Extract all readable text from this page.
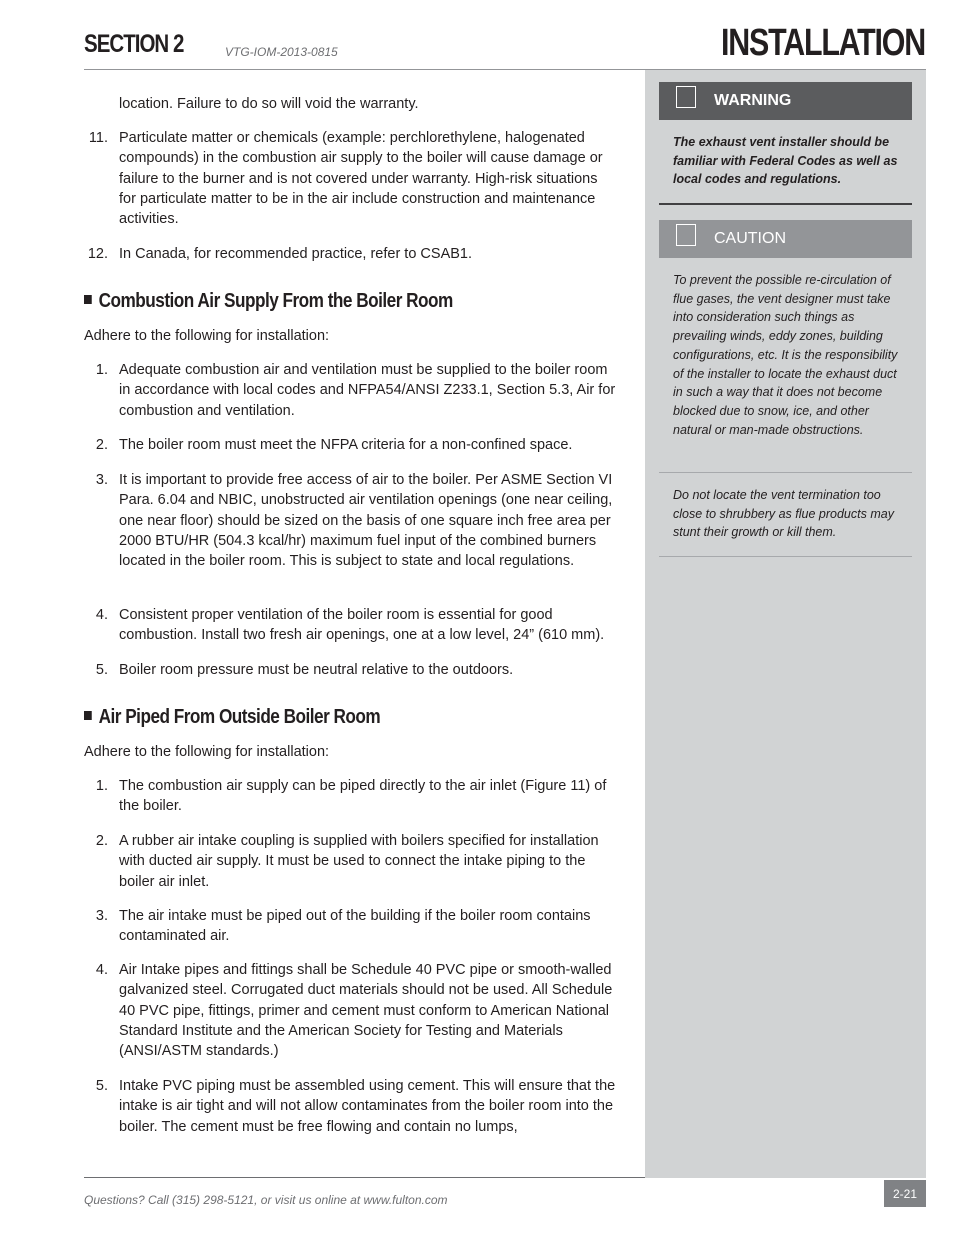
SECTION 2	VTG-IOM-2013-0815	INSTALLATION
WARNING
The exhaust vent installer should be familiar with Federal Codes as well as local codes and regulations.
CAUTION
To prevent the possible re-circulation of flue gases, the vent designer must take into consideration such things as prevailing winds, eddy zones, building configurations, etc. It is the responsibility of the installer to locate the exhaust duct in such a way that it does not become blocked due to snow, ice, and other natural or man-made obstructions.
Do not locate the vent termination too close to shrubbery as flue products may stunt their growth or kill them.
location. Failure to do so will void the warranty.
11. Particulate matter or chemicals (example: perchlorethylene, halogenated compounds) in the combustion air supply to the boiler will cause damage or failure to the burner and is not covered under warranty. High-risk situations for particulate matter to be in the air include construction and maintenance activities.
12. In Canada, for recommended practice, refer to CSAB1.
Combustion Air Supply From the Boiler Room
Adhere to the following for installation:
1. Adequate combustion air and ventilation must be supplied to the boiler room in accordance with local codes and NFPA54/ANSI Z233.1, Section 5.3, Air for combustion and ventilation.
2. The boiler room must meet the NFPA criteria for a non-confined space.
3. It is important to provide free access of air to the boiler. Per ASME Section VI Para. 6.04 and NBIC, unobstructed air ventilation openings (one near ceiling, one near floor) should be sized on the basis of one square inch free area per 2000 BTU/HR (504.3 kcal/hr) maximum fuel input of the combined burners located in the boiler room. This is subject to state and local regulations.
4. Consistent proper ventilation of the boiler room is essential for good combustion. Install two fresh air openings, one at a low level, 24” (610 mm).
5. Boiler room pressure must be neutral relative to the outdoors.
Air Piped From Outside Boiler Room
Adhere to the following for installation:
1. The combustion air supply can be piped directly to the air inlet (Figure 11) of the boiler.
2. A rubber air intake coupling is supplied with boilers specified for installation with ducted air supply. It must be used to connect the intake piping to the boiler air inlet.
3. The air intake must be piped out of the building if the boiler room contains contaminated air.
4. Air Intake pipes and fittings shall be Schedule 40 PVC pipe or smooth-walled galvanized steel. Corrugated duct materials should not be used. All Schedule 40 PVC pipe, fittings, primer and cement must conform to American National Standard Institute and the American Society for Testing and Materials (ANSI/ASTM standards.)
5. Intake PVC piping must be assembled using cement. This will ensure that the intake is air tight and will not allow contaminates from the boiler room into the boiler. The cement must be free flowing and contain no lumps,
Questions? Call (315) 298-5121, or visit us online at www.fulton.com	2-21
